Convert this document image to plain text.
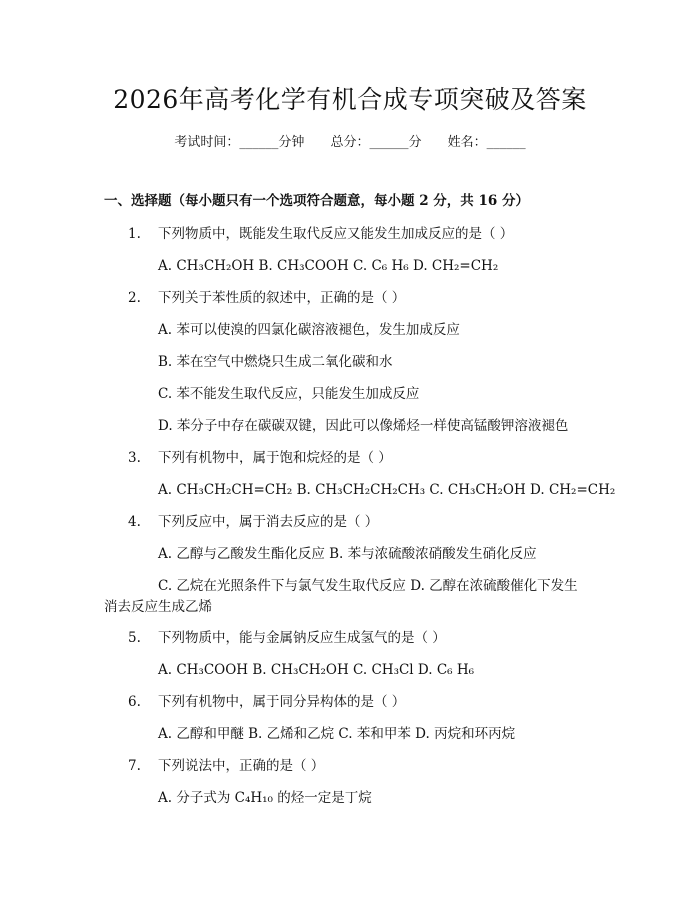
2026年高考化学有机合成专项突破及答案
考试时间：______分钟 总分：______分 姓名：______
一、选择题（每小题只有一个选项符合题意，每小题 2 分，共 16 分）
1. 下列物质中，既能发生取代反应又能发生加成反应的是（ ）
A. CH₃CH₂OH B. CH₃COOH C. C₆ H₆ D. CH₂=CH₂
2. 下列关于苯性质的叙述中，正确的是（ ）
A. 苯可以使溴的四氯化碳溶液褪色，发生加成反应
B. 苯在空气中燃烧只生成二氧化碳和水
C. 苯不能发生取代反应，只能发生加成反应
D. 苯分子中存在碳碳双键，因此可以像烯烃一样使高锰酸钾溶液褪色
3. 下列有机物中，属于饱和烷烃的是（ ）
A. CH₃CH₂CH=CH₂ B. CH₃CH₂CH₂CH₃ C. CH₃CH₂OH D. CH₂=CH₂
4. 下列反应中，属于消去反应的是（ ）
A. 乙醇与乙酸发生酯化反应 B. 苯与浓硫酸浓硝酸发生硝化反应
C. 乙烷在光照条件下与氯气发生取代反应 D. 乙醇在浓硫酸催化下发生
消去反应生成乙烯
5. 下列物质中，能与金属钠反应生成氢气的是（ ）
A. CH₃COOH B. CH₃CH₂OH C. CH₃Cl D. C₆ H₆
6. 下列有机物中，属于同分异构体的是（ ）
A. 乙醇和甲醚 B. 乙烯和乙烷 C. 苯和甲苯 D. 丙烷和环丙烷
7. 下列说法中，正确的是（ ）
A. 分子式为 C₄H₁₀ 的烃一定是丁烷
